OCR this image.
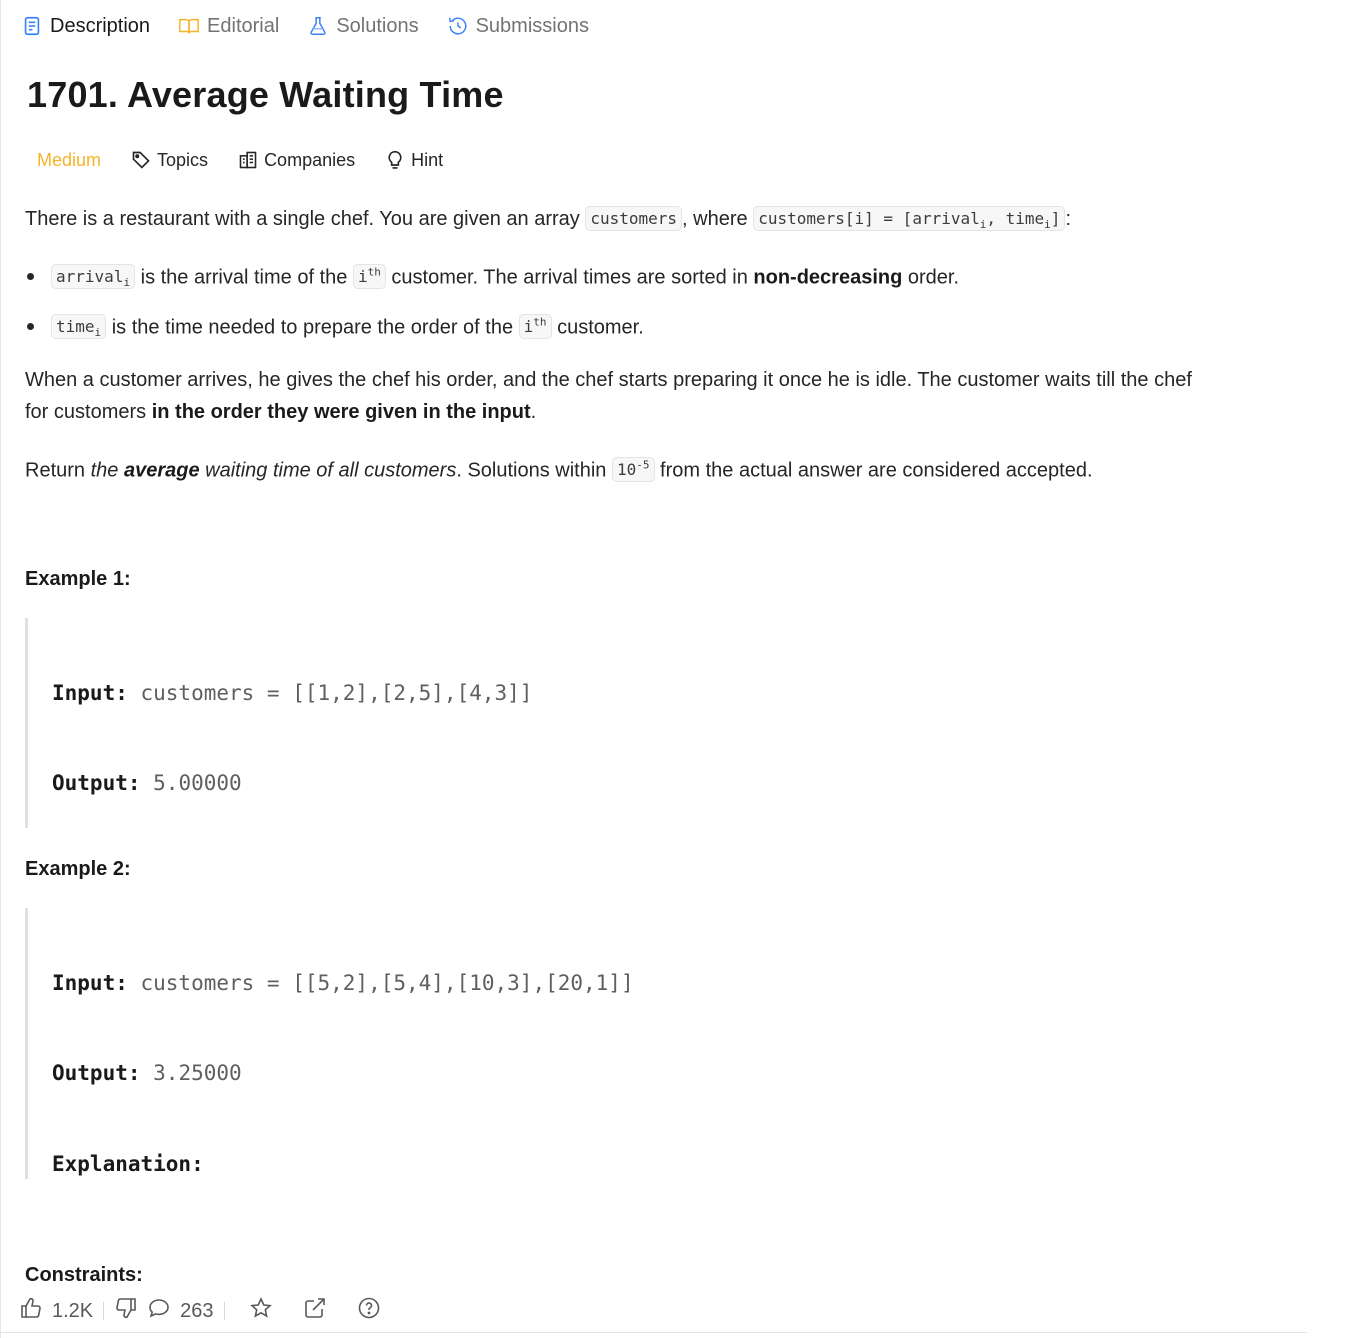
Description	Editorial	Solutions	Submissions
1701. Average Waiting Time
Medium	Topics	Companies	Hint
There is a restaurant with a single chef. You are given an array customers , where customers[i] = [arrival$_i$, time$_i$] :
arrival$_i$ is the arrival time of the $i^{th}$ customer. The arrival times are sorted in non-decreasing order.
time$_i$ is the time needed to prepare the order of the $i^{th}$ customer.
When a customer arrives, he gives the chef his order, and the chef starts preparing it once he is idle. The customer waits till the chef
for customers in the order they were given in the input.
Return the average waiting time of all customers. Solutions within $10^{-5}$ from the actual answer are considered accepted.
Example 1:

Input: customers = [[1,2],[2,5],[4,3]]

Output: 5.00000

Example 2:

Input: customers = [[5,2],[5,4],[10,3],[20,1]]

Output: 3.25000

Explanation:

Constraints:
1.2K	263
